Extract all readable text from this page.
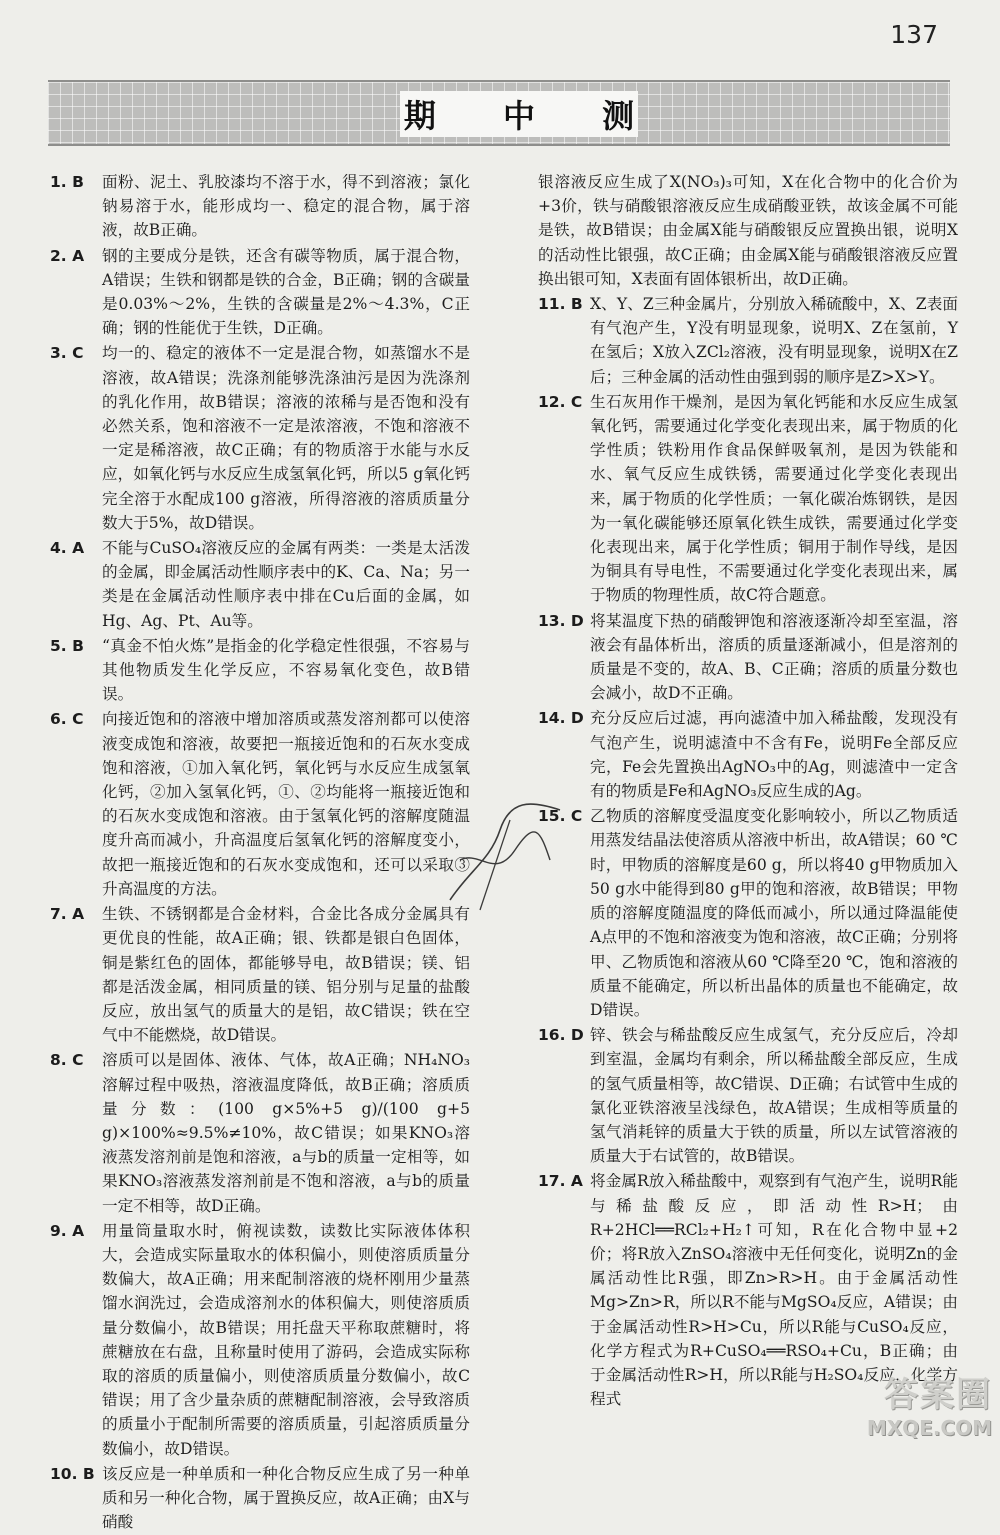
137
期 中 测
1. B	面粉、泥土、乳胶漆均不溶于水，得不到溶液；氯化钠易溶于水，能形成均一、稳定的混合物，属于溶液，故B正确。
2. A	钢的主要成分是铁，还含有碳等物质，属于混合物，A错误；生铁和钢都是铁的合金，B正确；钢的含碳量是0.03%～2%，生铁的含碳量是2%～4.3%，C正确；钢的性能优于生铁，D正确。
3. C	均一的、稳定的液体不一定是混合物，如蒸馏水不是溶液，故A错误；洗涤剂能够洗涤油污是因为洗涤剂的乳化作用，故B错误；溶液的浓稀与是否饱和没有必然关系，饱和溶液不一定是浓溶液，不饱和溶液不一定是稀溶液，故C正确；有的物质溶于水能与水反应，如氧化钙与水反应生成氢氧化钙，所以5 g氧化钙完全溶于水配成100 g溶液，所得溶液的溶质质量分数大于5%，故D错误。
4. A	不能与CuSO₄溶液反应的金属有两类：一类是太活泼的金属，即金属活动性顺序表中的K、Ca、Na；另一类是在金属活动性顺序表中排在Cu后面的金属，如Hg、Ag、Pt、Au等。
5. B	“真金不怕火炼”是指金的化学稳定性很强，不容易与其他物质发生化学反应，不容易氧化变色，故B错误。
6. C	向接近饱和的溶液中增加溶质或蒸发溶剂都可以使溶液变成饱和溶液，故要把一瓶接近饱和的石灰水变成饱和溶液，①加入氧化钙，氧化钙与水反应生成氢氧化钙，②加入氢氧化钙，①、②均能将一瓶接近饱和的石灰水变成饱和溶液。由于氢氧化钙的溶解度随温度升高而减小，升高温度后氢氧化钙的溶解度变小，故把一瓶接近饱和的石灰水变成饱和，还可以采取③升高温度的方法。
7. A	生铁、不锈钢都是合金材料，合金比各成分金属具有更优良的性能，故A正确；银、铁都是银白色固体，铜是紫红色的固体，都能够导电，故B错误；镁、铝都是活泼金属，相同质量的镁、铝分别与足量的盐酸反应，放出氢气的质量大的是铝，故C错误；铁在空气中不能燃烧，故D错误。
8. C	溶质可以是固体、液体、气体，故A正确；NH₄NO₃溶解过程中吸热，溶液温度降低，故B正确；溶质质量分数：(100 g×5%+5 g)/(100 g+5 g)×100%≈9.5%≠10%，故C错误；如果KNO₃溶液蒸发溶剂前是饱和溶液，a与b的质量一定相等，如果KNO₃溶液蒸发溶剂前是不饱和溶液，a与b的质量一定不相等，故D正确。
9. A	用量筒量取水时，俯视读数，读数比实际液体体积大，会造成实际量取水的体积偏小，则使溶质质量分数偏大，故A正确；用来配制溶液的烧杯刚用少量蒸馏水润洗过，会造成溶剂水的体积偏大，则使溶质质量分数偏小，故B错误；用托盘天平称取蔗糖时，将蔗糖放在右盘，且称量时使用了游码，会造成实际称取的溶质的质量偏小，则使溶质质量分数偏小，故C错误；用了含少量杂质的蔗糖配制溶液，会导致溶质的质量小于配制所需要的溶质质量，引起溶质质量分数偏小，故D错误。
10. B 该反应是一种单质和一种化合物反应生成了另一种单质和另一种化合物，属于置换反应，故A正确；由X与硝酸
银溶液反应生成了X(NO₃)₃可知，X在化合物中的化合价为+3价，铁与硝酸银溶液反应生成硝酸亚铁，故该金属不可能是铁，故B错误；由金属X能与硝酸银反应置换出银，说明X的活动性比银强，故C正确；由金属X能与硝酸银溶液反应置换出银可知，X表面有固体银析出，故D正确。
11. B X、Y、Z三种金属片，分别放入稀硫酸中，X、Z表面有气泡产生，Y没有明显现象，说明X、Z在氢前，Y在氢后；X放入ZCl₂溶液，没有明显现象，说明X在Z后；三种金属的活动性由强到弱的顺序是Z>X>Y。
12. C 生石灰用作干燥剂，是因为氧化钙能和水反应生成氢氧化钙，需要通过化学变化表现出来，属于物质的化学性质；铁粉用作食品保鲜吸氧剂，是因为铁能和水、氧气反应生成铁锈，需要通过化学变化表现出来，属于物质的化学性质；一氧化碳冶炼钢铁，是因为一氧化碳能够还原氧化铁生成铁，需要通过化学变化表现出来，属于化学性质；铜用于制作导线，是因为铜具有导电性，不需要通过化学变化表现出来，属于物质的物理性质，故C符合题意。
13. D 将某温度下热的硝酸钾饱和溶液逐渐冷却至室温，溶液会有晶体析出，溶质的质量逐渐减小，但是溶剂的质量是不变的，故A、B、C正确；溶质的质量分数也会减小，故D不正确。
14. D 充分反应后过滤，再向滤渣中加入稀盐酸，发现没有气泡产生，说明滤渣中不含有Fe，说明Fe全部反应完，Fe会先置换出AgNO₃中的Ag，则滤渣中一定含有的物质是Fe和AgNO₃反应生成的Ag。
15. C 乙物质的溶解度受温度变化影响较小，所以乙物质适用蒸发结晶法使溶质从溶液中析出，故A错误；60 ℃时，甲物质的溶解度是60 g，所以将40 g甲物质加入50 g水中能得到80 g甲的饱和溶液，故B错误；甲物质的溶解度随温度的降低而减小，所以通过降温能使A点甲的不饱和溶液变为饱和溶液，故C正确；分别将甲、乙物质饱和溶液从60 ℃降至20 ℃，饱和溶液的质量不能确定，所以析出晶体的质量也不能确定，故D错误。
16. D 锌、铁会与稀盐酸反应生成氢气，充分反应后，冷却到室温，金属均有剩余，所以稀盐酸全部反应，生成的氢气质量相等，故C错误、D正确；右试管中生成的氯化亚铁溶液呈浅绿色，故A错误；生成相等质量的氢气消耗锌的质量大于铁的质量，所以左试管溶液的质量大于右试管的，故B错误。
17. A 将金属R放入稀盐酸中，观察到有气泡产生，说明R能与稀盐酸反应，即活动性R>H；由R+2HCl══RCl₂+H₂↑可知，R在化合物中显+2价；将R放入ZnSO₄溶液中无任何变化，说明Zn的金属活动性比R强，即Zn>R>H。由于金属活动性Mg>Zn>R，所以R不能与MgSO₄反应，A错误；由于金属活动性R>H>Cu，所以R能与CuSO₄反应，化学方程式为R+CuSO₄══RSO₄+Cu，B正确；由于金属活动性R>H，所以R能与H₂SO₄反应，化学方程式	答案圈
MXQE.COM
